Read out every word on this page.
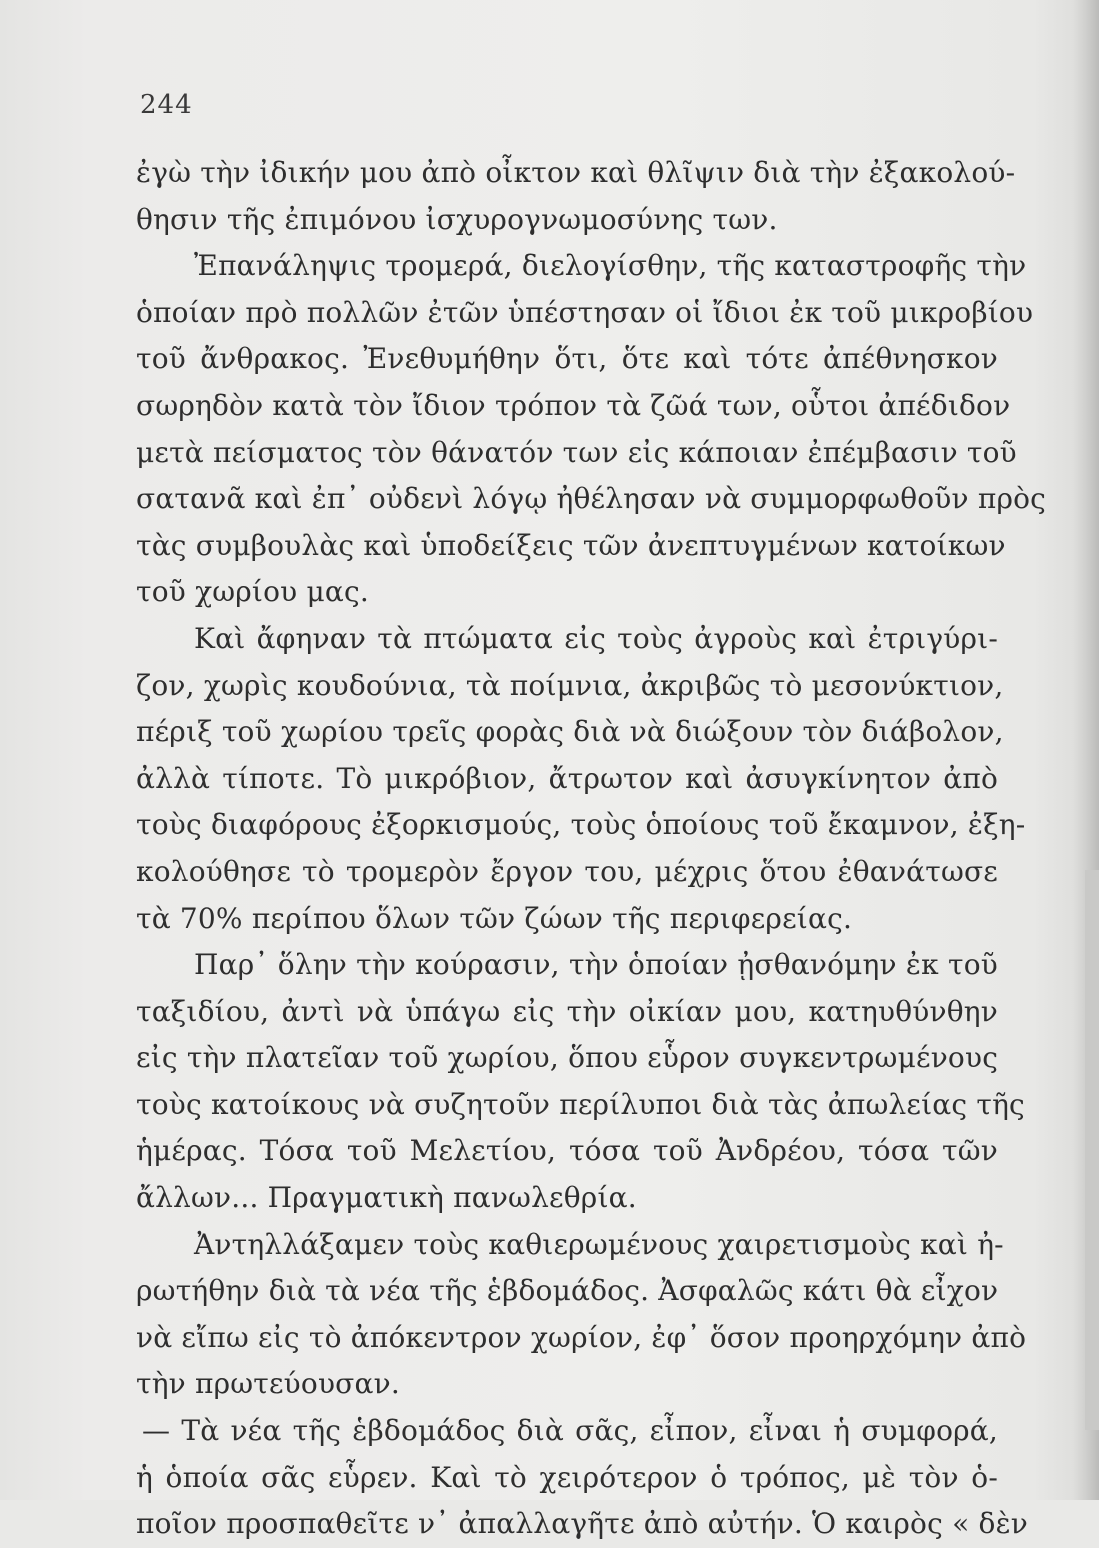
244
ἐγὼ τὴν ἰδικήν μου ἀπὸ οἶκτον καὶ θλῖψιν διὰ τὴν ἐξακολού-
θησιν τῆς ἐπιμόνου ἰσχυρογνωμοσύνης των.
Ἐπανάληψις τρομερά, διελογίσθην, τῆς καταστροφῆς τὴν
ὁποίαν πρὸ πολλῶν ἐτῶν ὑπέστησαν οἱ ἴδιοι ἐκ τοῦ μικροβίου
τοῦ ἄνθρακος. Ἐνεθυμήθην ὅτι, ὅτε καὶ τότε ἀπέθνησκον
σωρηδὸν κατὰ τὸν ἴδιον τρόπον τὰ ζῶά των, οὗτοι ἀπέδιδον
μετὰ πείσματος τὸν θάνατόν των εἰς κάποιαν ἐπέμβασιν τοῦ
σατανᾶ καὶ ἐπ᾽ οὐδενὶ λόγῳ ἠθέλησαν νὰ συμμορφωθοῦν πρὸς
τὰς συμβουλὰς καὶ ὑποδείξεις τῶν ἀνεπτυγμένων κατοίκων
τοῦ χωρίου μας.
Καὶ ἄφηναν τὰ πτώματα εἰς τοὺς ἀγροὺς καὶ ἐτριγύρι-
ζον, χωρὶς κουδούνια, τὰ ποίμνια, ἀκριβῶς τὸ μεσονύκτιον,
πέριξ τοῦ χωρίου τρεῖς φορὰς διὰ νὰ διώξουν τὸν διάβολον,
ἀλλὰ τίποτε. Τὸ μικρόβιον, ἄτρωτον καὶ ἀσυγκίνητον ἀπὸ
τοὺς διαφόρους ἐξορκισμούς, τοὺς ὁποίους τοῦ ἔκαμνον, ἐξη-
κολούθησε τὸ τρομερὸν ἔργον του, μέχρις ὅτου ἐθανάτωσε
τὰ 70% περίπου ὅλων τῶν ζώων τῆς περιφερείας.
Παρ᾽ ὅλην τὴν κούρασιν, τὴν ὁποίαν ᾐσθανόμην ἐκ τοῦ
ταξιδίου, ἀντὶ νὰ ὑπάγω εἰς τὴν οἰκίαν μου, κατηυθύνθην
εἰς τὴν πλατεῖαν τοῦ χωρίου, ὅπου εὗρον συγκεντρωμένους
τοὺς κατοίκους νὰ συζητοῦν περίλυποι διὰ τὰς ἀπωλείας τῆς
ἡμέρας. Τόσα τοῦ Μελετίου, τόσα τοῦ Ἀνδρέου, τόσα τῶν
ἄλλων... Πραγματικὴ πανωλεθρία.
Ἀντηλλάξαμεν τοὺς καθιερωμένους χαιρετισμοὺς καὶ ἠ-
ρωτήθην διὰ τὰ νέα τῆς ἑβδομάδος. Ἀσφαλῶς κάτι θὰ εἶχον
νὰ εἴπω εἰς τὸ ἀπόκεντρον χωρίον, ἐφ᾽ ὅσον προηρχόμην ἀπὸ
τὴν πρωτεύουσαν.
— Τὰ νέα τῆς ἑβδομάδος διὰ σᾶς, εἶπον, εἶναι ἡ συμφορά,
ἡ ὁποία σᾶς εὗρεν. Καὶ τὸ χειρότερον ὁ τρόπος, μὲ τὸν ὁ-
ποῖον προσπαθεῖτε ν᾽ ἀπαλλαγῆτε ἀπὸ αὐτήν. Ὁ καιρὸς « δὲν
